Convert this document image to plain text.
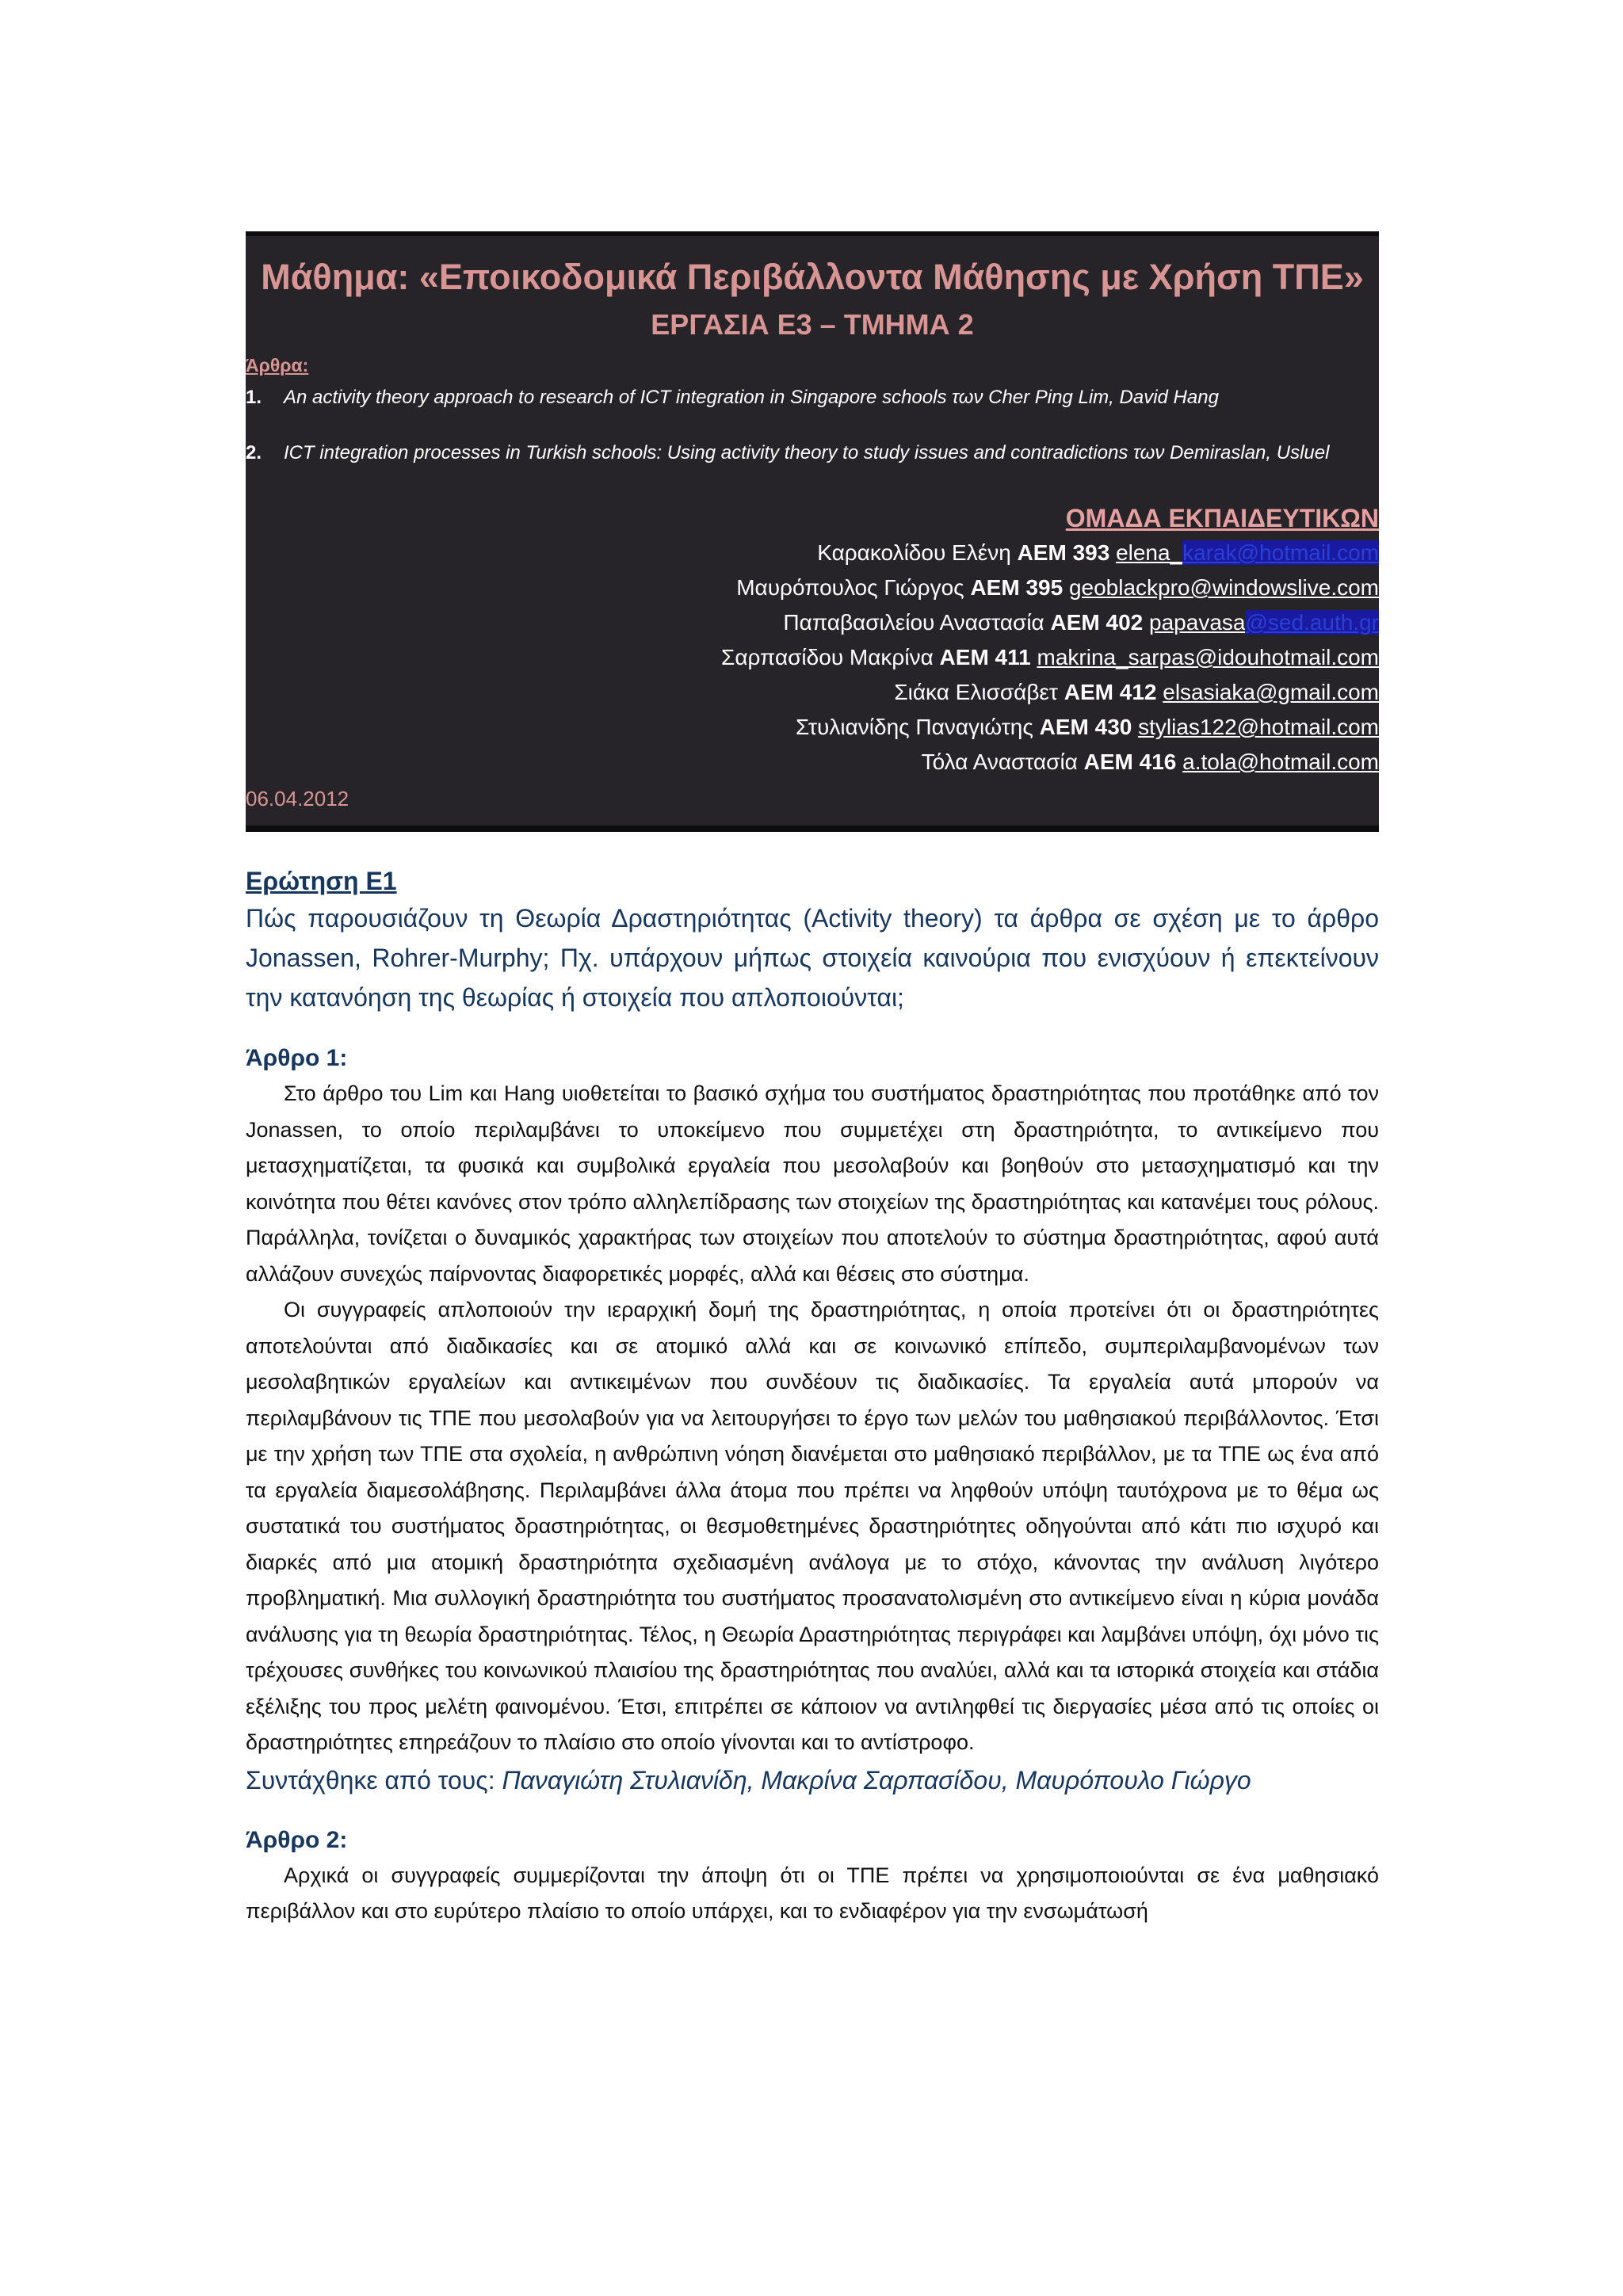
Μάθημα: «Εποικοδομικά Περιβάλλοντα Μάθησης με Χρήση ΤΠΕ»
ΕΡΓΑΣΙΑ Ε3 – ΤΜΗΜΑ 2
Άρθρα:
1.	An activity theory approach to research of ICT integration in Singapore schools των Cher Ping Lim, David Hang
2.	ICT integration processes in Turkish schools: Using activity theory to study issues and contradictions των Demiraslan, Usluel
ΟΜΑΔΑ ΕΚΠΑΙΔΕΥΤΙΚΩΝ
Καρακολίδου Ελένη ΑΕΜ 393 elena_karak@hotmail.com
Μαυρόπουλος Γιώργος ΑΕΜ 395 geoblackpro@windowslive.com
Παπαβασιλείου Αναστασία ΑΕΜ 402 papavasa@sed.auth.gr
Σαρπασίδου Μακρίνα ΑΕΜ 411 makrina_sarpas@idouhotmail.com
Σιάκα Ελισσάβετ ΑΕΜ 412 elsasiaka@gmail.com
Στυλιανίδης Παναγιώτης ΑΕΜ 430 stylias122@hotmail.com
Τόλα Αναστασία ΑΕΜ 416 a.tola@hotmail.com
06.04.2012
Ερώτηση Ε1
Πώς παρουσιάζουν τη Θεωρία Δραστηριότητας (Activity theory) τα άρθρα σε σχέση με το άρθρο Jonassen, Rohrer-Murphy; Πχ. υπάρχουν μήπως στοιχεία καινούρια που ενισχύουν ή επεκτείνουν την κατανόηση της θεωρίας ή στοιχεία που απλοποιούνται;
Άρθρο 1:

Στο άρθρο του Lim και Hang υιοθετείται το βασικό σχήμα του συστήματος δραστηριότητας που προτάθηκε από τον Jonassen, το οποίο περιλαμβάνει το υποκείμενο που συμμετέχει στη δραστηριότητα, το αντικείμενο που μετασχηματίζεται, τα φυσικά και συμβολικά εργαλεία που μεσολαβούν και βοηθούν στο μετασχηματισμό και την κοινότητα που θέτει κανόνες στον τρόπο αλληλεπίδρασης των στοιχείων της δραστηριότητας και κατανέμει τους ρόλους. Παράλληλα, τονίζεται ο δυναμικός χαρακτήρας των στοιχείων που αποτελούν το σύστημα δραστηριότητας, αφού αυτά αλλάζουν συνεχώς παίρνοντας διαφορετικές μορφές, αλλά και θέσεις στο σύστημα.

Οι συγγραφείς απλοποιούν την ιεραρχική δομή της δραστηριότητας, η οποία προτείνει ότι οι δραστηριότητες αποτελούνται από διαδικασίες και σε ατομικό αλλά και σε κοινωνικό επίπεδο, συμπεριλαμβανομένων των μεσολαβητικών εργαλείων και αντικειμένων που συνδέουν τις διαδικασίες. Τα εργαλεία αυτά μπορούν να περιλαμβάνουν τις ΤΠΕ που μεσολαβούν για να λειτουργήσει το έργο των μελών του μαθησιακού περιβάλλοντος. Έτσι με την χρήση των ΤΠΕ στα σχολεία, η ανθρώπινη νόηση διανέμεται στο μαθησιακό περιβάλλον, με τα ΤΠΕ ως ένα από τα εργαλεία διαμεσολάβησης. Περιλαμβάνει άλλα άτομα που πρέπει να ληφθούν υπόψη ταυτόχρονα με το θέμα ως συστατικά του συστήματος δραστηριότητας, οι θεσμοθετημένες δραστηριότητες οδηγούνται από κάτι πιο ισχυρό και διαρκές από μια ατομική δραστηριότητα σχεδιασμένη ανάλογα με το στόχο, κάνοντας την ανάλυση λιγότερο προβληματική. Μια συλλογική δραστηριότητα του συστήματος προσανατολισμένη στο αντικείμενο είναι η κύρια μονάδα ανάλυσης για τη θεωρία δραστηριότητας. Τέλος, η Θεωρία Δραστηριότητας περιγράφει και λαμβάνει υπόψη, όχι μόνο τις τρέχουσες συνθήκες του κοινωνικού πλαισίου της δραστηριότητας που αναλύει, αλλά και τα ιστορικά στοιχεία και στάδια εξέλιξης του προς μελέτη φαινομένου. Έτσι, επιτρέπει σε κάποιον να αντιληφθεί τις διεργασίες μέσα από τις οποίες οι δραστηριότητες επηρεάζουν το πλαίσιο στο οποίο γίνονται και το αντίστροφο.

Συντάχθηκε από τους: Παναγιώτη Στυλιανίδη, Μακρίνα Σαρπασίδου, Μαυρόπουλο Γιώργο
Άρθρο 2:

Αρχικά οι συγγραφείς συμμερίζονται την άποψη ότι οι ΤΠΕ πρέπει να χρησιμοποιούνται σε ένα μαθησιακό περιβάλλον και στο ευρύτερο πλαίσιο το οποίο υπάρχει, και το ενδιαφέρον για την ενσωμάτωσή
